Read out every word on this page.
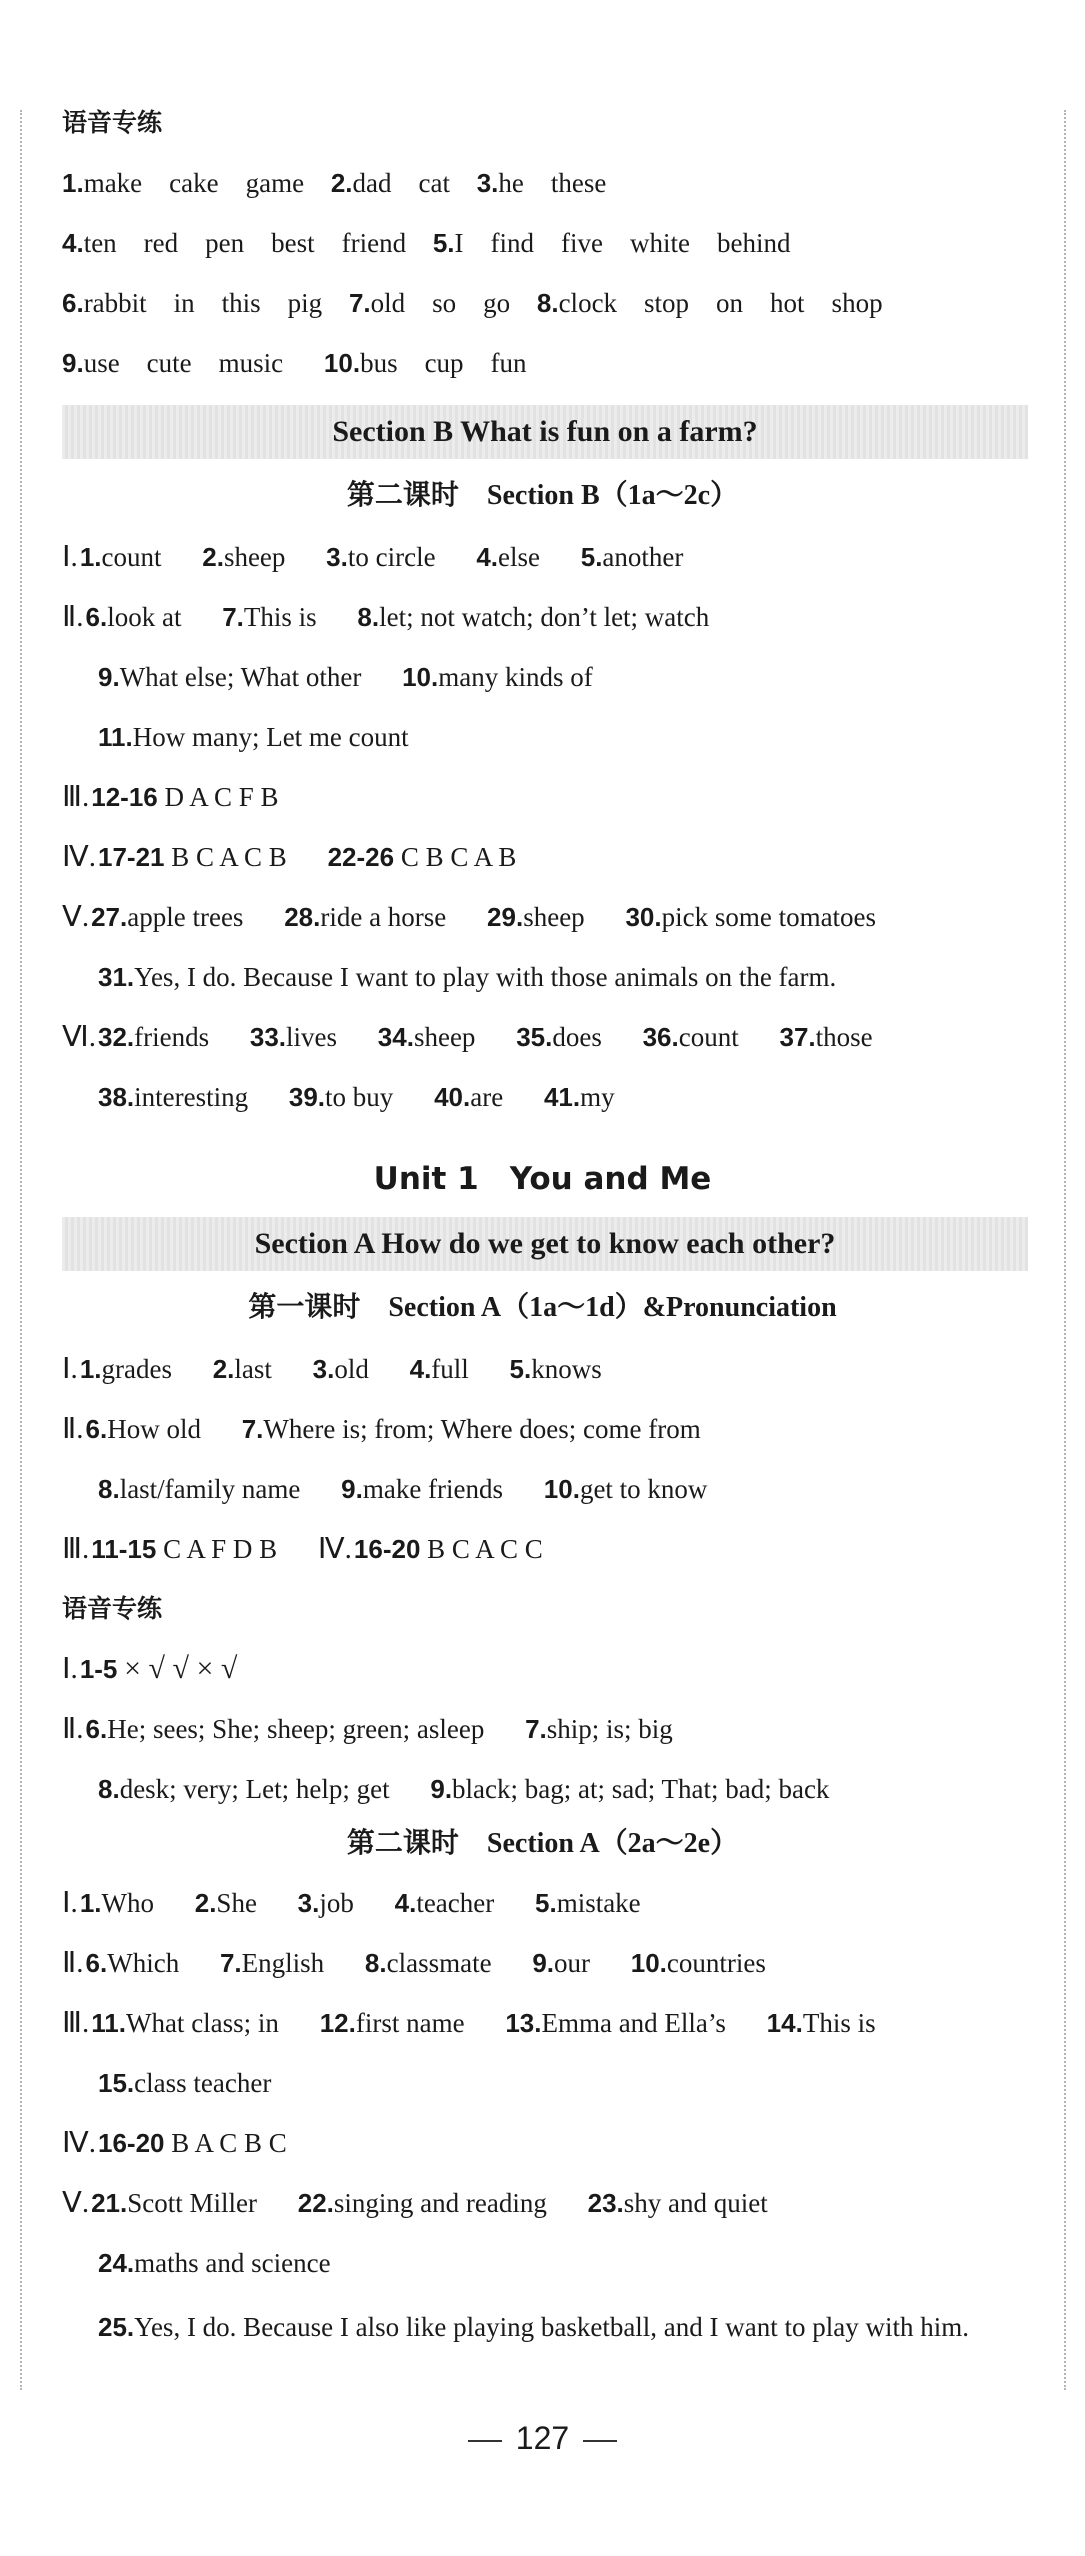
语音专练
1.make　cake　game 2.dad　cat 3.he　these
4.ten　red　pen　best　friend 5.I　find　five　white　behind
6.rabbit　in　this　pig 7.old　so　go 8.clock　stop　on　hot　shop
9.use　cute　music 10.bus　cup　fun
Section B What is fun on a farm?
第二课时　Section B（1a～2c）
Ⅰ.1.count 2.sheep 3.to circle 4.else 5.another
Ⅱ.6.look at 7.This is 8.let; not watch; don’t let; watch
9.What else; What other 10.many kinds of
11.How many; Let me count
Ⅲ.12-16 D A C F B
Ⅳ.17-21 B C A C B 22-26 C B C A B
Ⅴ.27.apple trees 28.ride a horse 29.sheep 30.pick some tomatoes
31.Yes, I do. Because I want to play with those animals on the farm.
Ⅵ.32.friends 33.lives 34.sheep 35.does 36.count 37.those
38.interesting 39.to buy 40.are 41.my
Unit 1　You and Me
Section A How do we get to know each other?
第一课时　Section A（1a～1d）&Pronunciation
Ⅰ.1.grades 2.last 3.old 4.full 5.knows
Ⅱ.6.How old 7.Where is; from; Where does; come from
8.last/family name 9.make friends 10.get to know
Ⅲ.11-15 C A F D B Ⅳ.16-20 B C A C C
语音专练
Ⅰ.1-5 × √ √ × √
Ⅱ.6.He; sees; She; sheep; green; asleep 7.ship; is; big
8.desk; very; Let; help; get 9.black; bag; at; sad; That; bad; back
第二课时　Section A（2a～2e）
Ⅰ.1.Who 2.She 3.job 4.teacher 5.mistake
Ⅱ.6.Which 7.English 8.classmate 9.our 10.countries
Ⅲ.11.What class; in 12.first name 13.Emma and Ella’s 14.This is
15.class teacher
Ⅳ.16-20 B A C B C
Ⅴ.21.Scott Miller 22.singing and reading 23.shy and quiet
24.maths and science
25.Yes, I do. Because I also like playing basketball, and I want to play with him.
127
